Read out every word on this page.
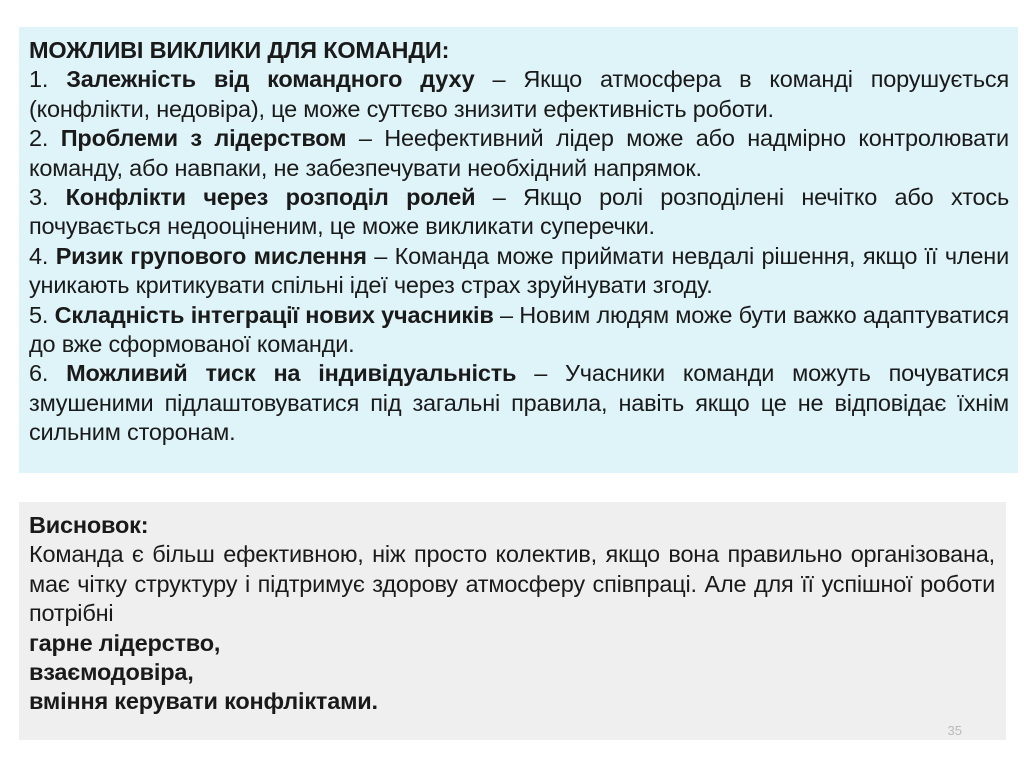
МОЖЛИВІ ВИКЛИКИ ДЛЯ КОМАНДИ:
1. Залежність від командного духу – Якщо атмосфера в команді порушується (конфлікти, недовіра), це може суттєво знизити ефективність роботи.
2. Проблеми з лідерством – Неефективний лідер може або надмірно контролювати команду, або навпаки, не забезпечувати необхідний напрямок.
3. Конфлікти через розподіл ролей – Якщо ролі розподілені нечітко або хтось почувається недооціненим, це може викликати суперечки.
4. Ризик групового мислення – Команда може приймати невдалі рішення, якщо її члени уникають критикувати спільні ідеї через страх зруйнувати згоду.
5. Складність інтеграції нових учасників – Новим людям може бути важко адаптуватися до вже сформованої команди.
6. Можливий тиск на індивідуальність – Учасники команди можуть почуватися змушеними підлаштовуватися під загальні правила, навіть якщо це не відповідає їхнім сильним сторонам.
Висновок:
Команда є більш ефективною, ніж просто колектив, якщо вона правильно організована, має чітку структуру і підтримує здорову атмосферу співпраці. Але для її успішної роботи потрібні
гарне лідерство,
взаємодовіра,
вміння керувати конфліктами.
35
